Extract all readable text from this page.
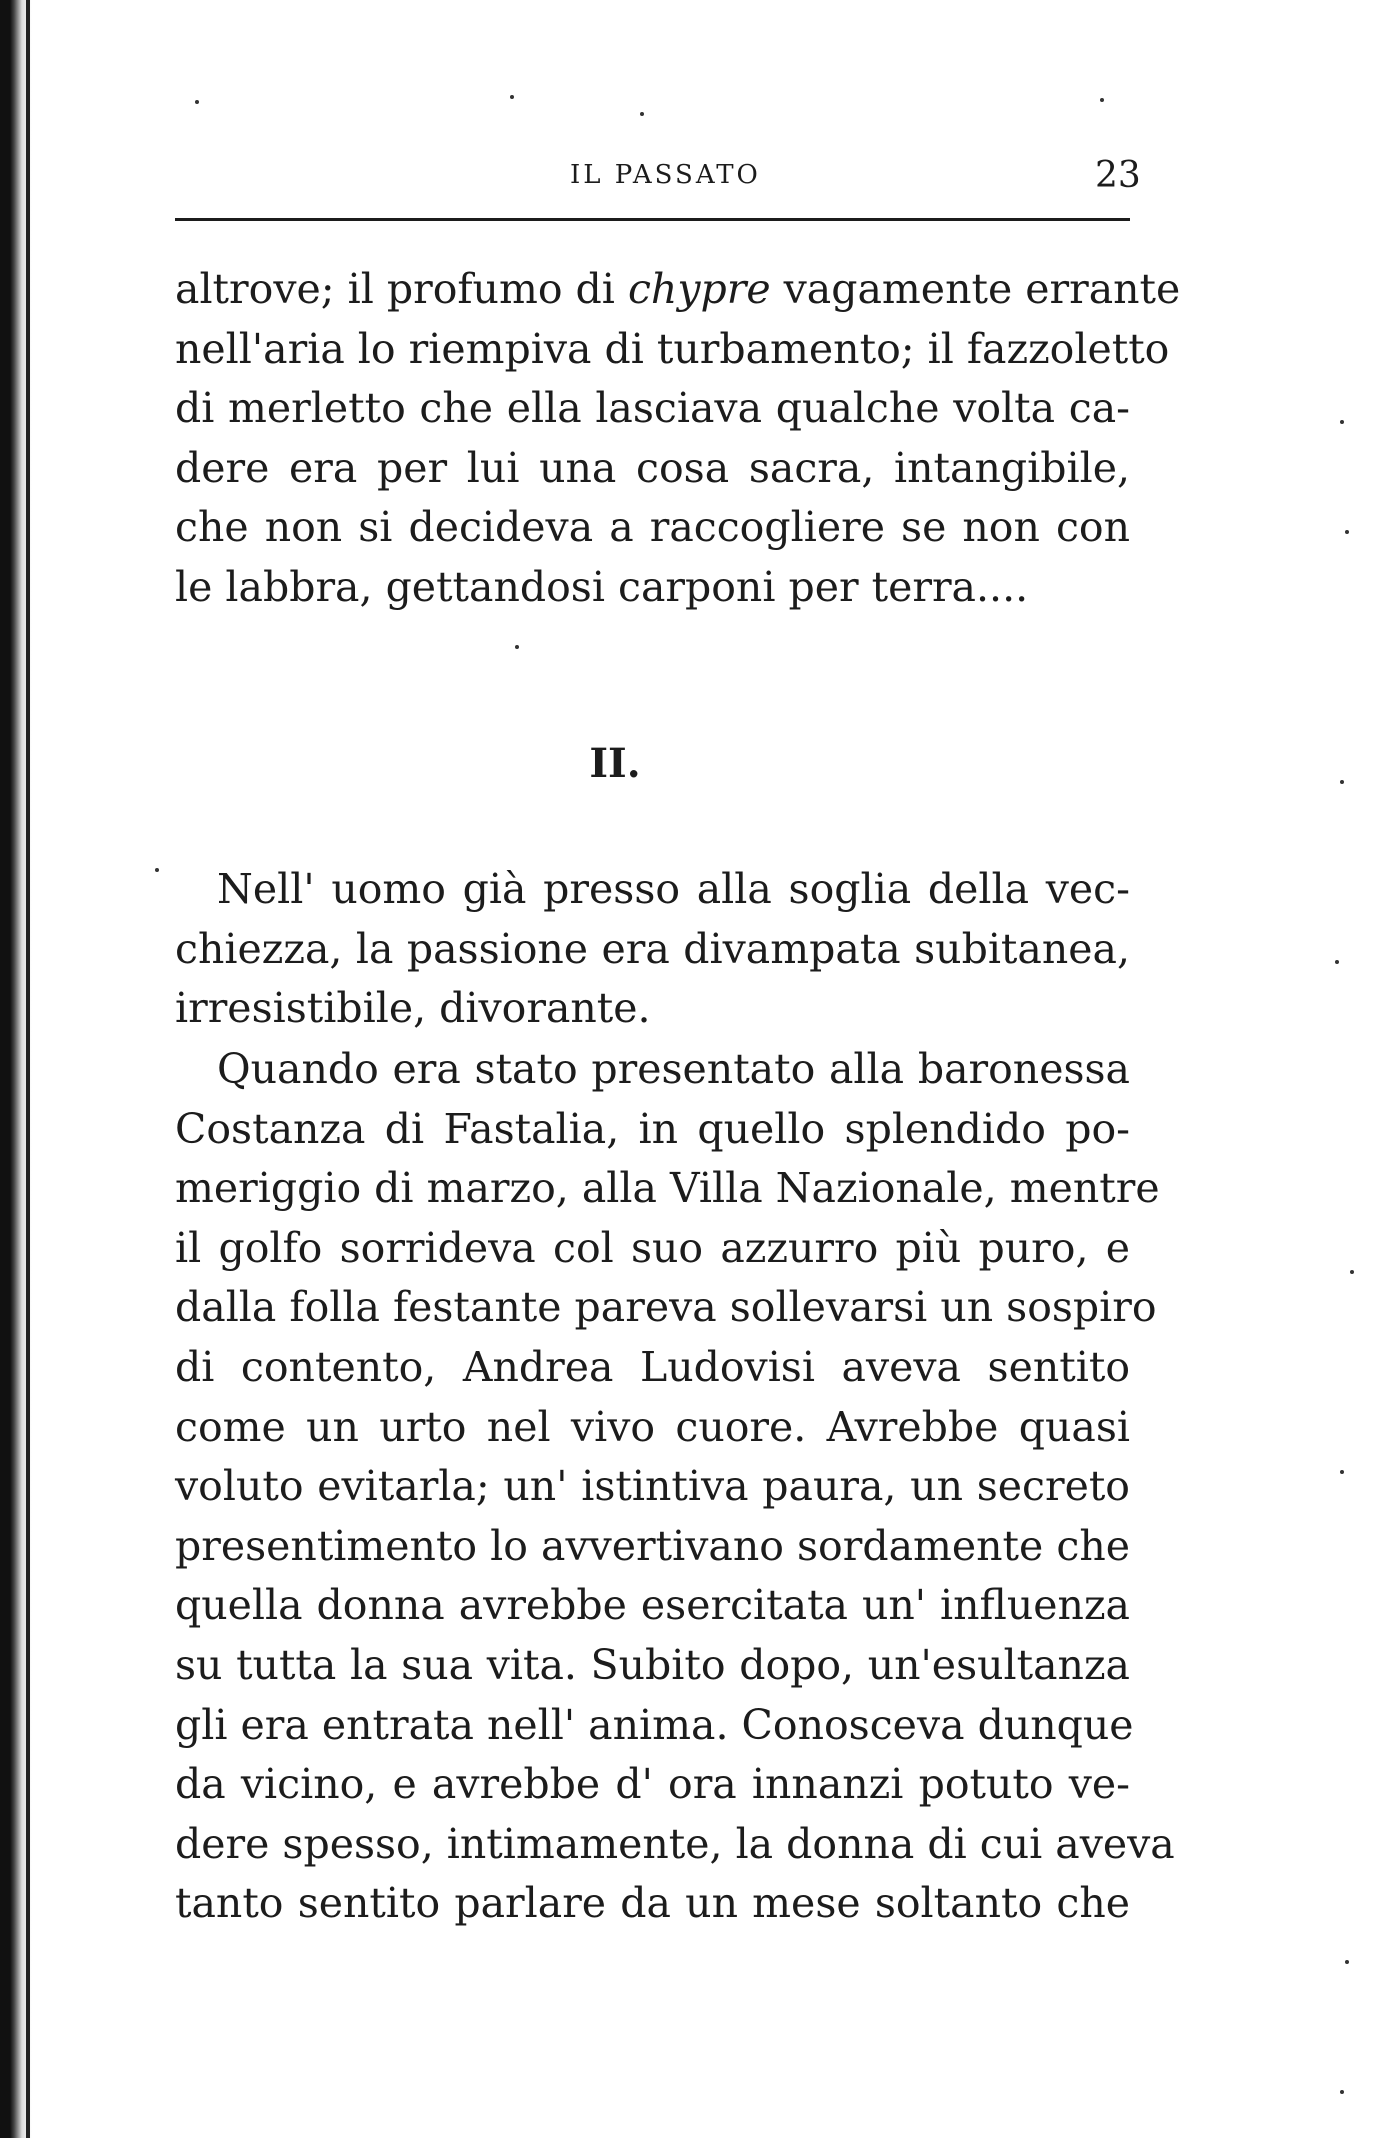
IL PASSATO	23
altrove; il profumo di chypre vagamente errante
nell'aria lo riempiva di turbamento; il fazzoletto
di merletto che ella lasciava qualche volta ca-
dere era per lui una cosa sacra, intangibile,
che non si decideva a raccogliere se non con
le labbra, gettandosi carponi per terra....
II.
Nell' uomo già presso alla soglia della vec-
chiezza, la passione era divampata subitanea,
irresistibile, divorante.
Quando era stato presentato alla baronessa
Costanza di Fastalia, in quello splendido po-
meriggio di marzo, alla Villa Nazionale, mentre
il golfo sorrideva col suo azzurro più puro, e
dalla folla festante pareva sollevarsi un sospiro
di contento, Andrea Ludovisi aveva sentito
come un urto nel vivo cuore. Avrebbe quasi
voluto evitarla; un' istintiva paura, un secreto
presentimento lo avvertivano sordamente che
quella donna avrebbe esercitata un' influenza
su tutta la sua vita. Subito dopo, un'esultanza
gli era entrata nell' anima. Conosceva dunque
da vicino, e avrebbe d' ora innanzi potuto ve-
dere spesso, intimamente, la donna di cui aveva
tanto sentito parlare da un mese soltanto che
